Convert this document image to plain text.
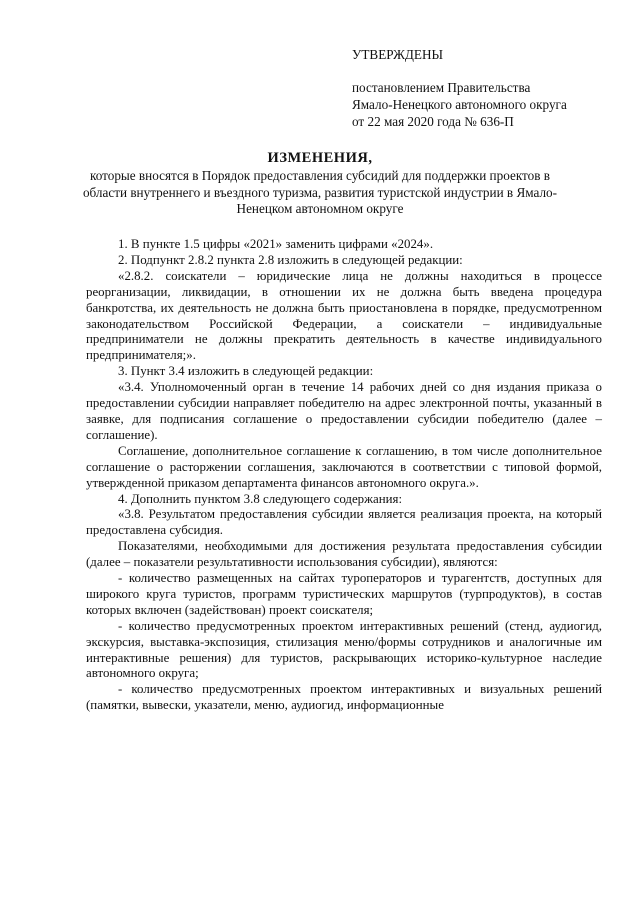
УТВЕРЖДЕНЫ
постановлением Правительства
Ямало-Ненецкого автономного округа
от 22 мая 2020 года № 636-П
ИЗМЕНЕНИЯ,
которые вносятся в Порядок предоставления субсидий для поддержки проектов в области внутреннего и въездного туризма, развития туристской индустрии в Ямало-Ненецком автономном округе

1. В пункте 1.5 цифры «2021» заменить цифрами «2024».

2. Подпункт 2.8.2 пункта 2.8 изложить в следующей редакции:

«2.8.2. соискатели – юридические лица не должны находиться в процессе реорганизации, ликвидации, в отношении их не должна быть введена процедура банкротства, их деятельность не должна быть приостановлена в порядке, предусмотренном законодательством Российской Федерации, а соискатели – индивидуальные предприниматели не должны прекратить деятельность в качестве индивидуального предпринимателя;».

3. Пункт 3.4 изложить в следующей редакции:

«3.4. Уполномоченный орган в течение 14 рабочих дней со дня издания приказа о предоставлении субсидии направляет победителю на адрес электронной почты, указанный в заявке, для подписания соглашение о предоставлении субсидии победителю (далее – соглашение).

Соглашение, дополнительное соглашение к соглашению, в том числе дополнительное соглашение о расторжении соглашения, заключаются в соответствии с типовой формой, утвержденной приказом департамента финансов автономного округа.».

4. Дополнить пунктом 3.8 следующего содержания:

«3.8. Результатом предоставления субсидии является реализация проекта, на который предоставлена субсидия.

Показателями, необходимыми для достижения результата предоставления субсидии (далее – показатели результативности использования субсидии), являются:

- количество размещенных на сайтах туроператоров и турагентств, доступных для широкого круга туристов, программ туристических маршрутов (турпродуктов), в состав которых включен (задействован) проект соискателя;

- количество предусмотренных проектом интерактивных решений (стенд, аудиогид, экскурсия, выставка-экспозиция, стилизация меню/формы сотрудников и аналогичные им интерактивные решения) для туристов, раскрывающих историко-культурное наследие автономного округа;

- количество предусмотренных проектом интерактивных и визуальных решений (памятки, вывески, указатели, меню, аудиогид, информационные
